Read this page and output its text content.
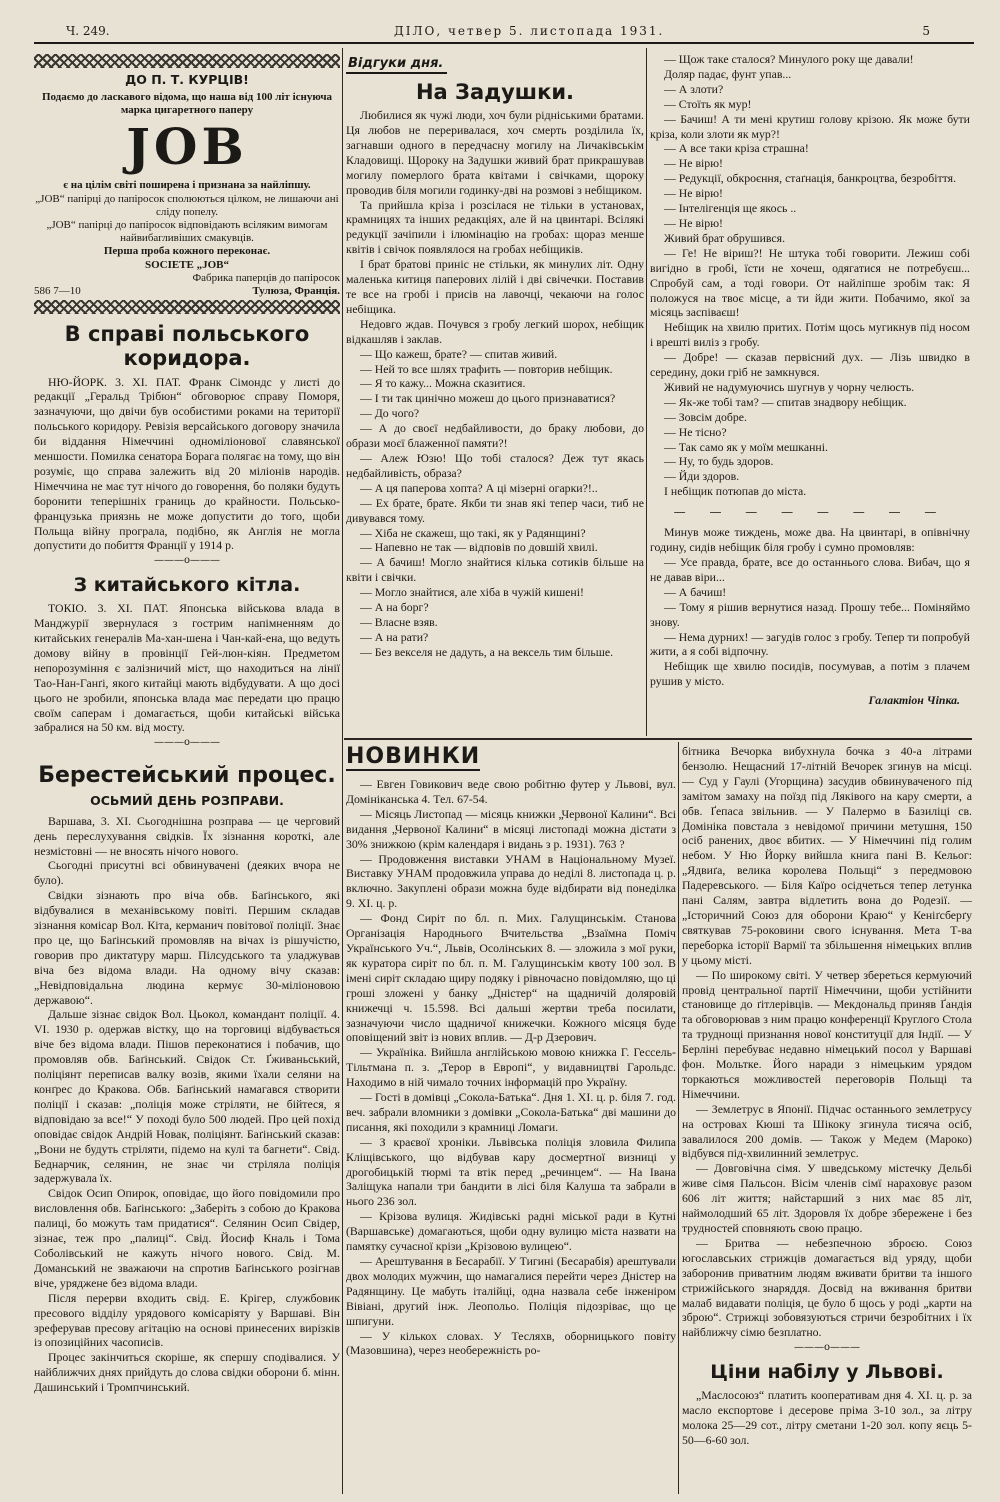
Ч. 249.	ДІЛО, четвер 5. листопада 1931.	5
ДО П. Т. КУРЦІВ!

Подаємо до ласкавого відома, що наша від 100 літ існуюча марка цигаретного паперу

JOB

є на цілім світі поширена і признана за найліпшу.

„JOB“ папірці до папіросок сполюються цілком, не лишаючи ані сліду попелу.

„JOB“ папірці до папіросок відповідають всіляким вимогам найвибагливіших смакувців.

Перша проба кожного переконає.

SOCIETE „JOB“

Фабрика паперців до папіросок

586 7—10	Тулюза, Франція.
В справі польського коридора.

НЮ-ЙОРК. 3. XI. ПАТ. Франк Сімондс у листі до редакції „Геральд Трібюн“ обговорює справу Поморя, зазначуючи, що двічи був особистими роками на території польського коридору. Ревізія версайського договору значила би віддання Німеччині одноміліонової славянської меншости. Помилка сенатора Борага полягає на тому, що він розуміє, що справа залежить від 20 міліонів народів. Німеччина не має тут нічого до говорення, бо поляки будуть боронити теперішніх границь до крайности. Польсько-французька приязнь не може допустити до того, щоби Польща війну програла, подібно, як Англія не могла допустити до побиття Франції у 1914 р.

———o———
З китайського кітла.

ТОКІО. 3. XI. ПАТ. Японська військова влада в Манджурії звернулася з гострим напімненням до китайських генералів Ма-хан-шена і Чан-кай-ена, що ведуть домову війну в провінції Гей-люн-кіян. Предметом непорозуміння є залізничий міст, що находиться на лінії Тао-Нан-Ганґі, якого китайці мають відбудувати. А що досі цього не зробили, японська влада має передати цю працю своїм саперам і домагається, щоби китайські війська забралися на 50 км. від мосту.

———o———
Берестейський процес.
ОСЬМИЙ ДЕНЬ РОЗПРАВИ.

Варшава, 3. XI. Сьогоднішна розправа — це черговий день переслухування свідків. Їх зізнання короткі, але незмістовні — не вносять нічого нового.

Сьогодні присутні всі обвинувачені (деяких вчора не було).

Свідки зізнають про віча обв. Баґінського, які відбувалися в механівському повіті. Першим складав зізнання комісар Вол. Кіта, керманич повітової поліції. Знає про це, що Баґінський промовляв на вічах із рішучістю, говорив про диктатуру марш. Пілсудського та уладжував віча без відома влади. На одному вічу сказав: „Невідповідальна людина кермує 30-міліоновою державою“.

Дальше зізнає свідок Вол. Цьокол, командант поліції. 4. VI. 1930 р. одержав вістку, що на торговиці відбувається віче без відома влади. Пішов переконатися і побачив, що промовляв обв. Баґінський. Свідок Ст. Ґживаньський, поліціянт переписав валку возів, якими їхали селяни на конґрес до Кракова. Обв. Баґінський намагався створити поліції і сказав: „поліція може стріляти, не бійтеся, я відповідаю за все!“ У поході було 500 людей. Про цей похід оповідає свідок Андрій Новак, поліціянт. Баґінський сказав: „Вони не будуть стріляти, підемо на кулі та багнети“. Свід. Беднарчик, селянин, не знає чи стріляла поліція задержувала їх.

Свідок Осип Опирок, оповідає, що його повідомили про висловлення обв. Баґінського: „Заберіть з собою до Кракова палиці, бо можуть там придатися“. Селянин Осип Свідер, зізнає, теж про „палиці“. Свід. Йосиф Кналь і Тома Соболівський не кажуть нічого нового. Свід. М. Доманський не зважаючи на спротив Баґінського розігнав віче, уряджене без відома влади.

Після перерви входить свід. Е. Крігер, службовик пресового відділу урядового комісаріяту у Варшаві. Він зреферував пресову агітацію на основі принесених вирізків із опозиційних часописів.

Процес закінчиться скоріше, як спершу сподівалися. У найближчих днях прийдуть до слова свідки оборони б. мінн. Дашинський і Тромпчинський.

Відгуки дня.
На Задушки.

Любилися як чужі люди, хоч були рідніськими братами. Ця любов не переривалася, хоч смерть розділила їх, загнавши одного в передчасну могилу на Личаківськім Кладовищі. Щороку на Задушки живий брат прикрашував могилу померлого брата квітами і свічками, щороку проводив біля могили годинку-дві на розмові з небіщиком.

Та прийшла кріза і розсілася не тільки в установах, крамницях та інших редакціях, але й на цвинтарі. Всілякі редукції зачіпили і ілюмінацію на гробах: щораз менше квітів і свічок появлялося на гробах небіщиків.

І брат братові приніс не стільки, як минулих літ. Одну маленька китиця паперових лілій і дві свічечки. Поставив те все на гробі і присів на лавочці, чекаючи на голос небіщика.

Недовго ждав. Почувся з гробу легкий шорох, небіщик відкашляв і заклав.

— Що кажеш, брате? — спитав живий.

— Ней то все шлях трафить — повторив небіщик.

— Я то кажу... Можна сказитися.

— І ти так цинічно можеш до цього признаватися?

— До чого?

— А до своєї недбайливости, до браку любови, до образи моєї блаженної памяти?!

— Алеж Юзю! Що тобі сталося? Деж тут якась недбайливість, образа?

— А ця паперова хопта? А ці мізерні огарки?!..

— Ех брате, брате. Якби ти знав які тепер часи, тиб не дивувався тому.

— Хіба не скажеш, що такі, як у Радянщині?

— Напевно не так — відповів по довшій хвилі.

— А бачиш! Могло знайтися кілька сотиків більше на квіти і свічки.

— Могло знайтися, але хіба в чужій кишені!

— А на борг?

— Власне взяв.

— А на рати?

— Без векселя не дадуть, а на вексель тим більше.

— Щож таке сталося? Минулого року ще давали!

Доляр падає, фунт упав...

— А злоти?

— Стоїть як мур!

— Бачиш! А ти мені крутиш голову крізою. Як може бути кріза, коли злоти як мур?!

— А все таки кріза страшна!

— Не вірю!

— Редукції, обкроєння, стаґнація, банкроцтва, безробіття.

— Не вірю!

— Інтелігенція ще якось ..

— Не вірю!

Живий брат обрушився.

— Ге! Не віриш?! Не штука тобі говорити. Лежиш собі вигідно в гробі, їсти не хочеш, одягатися не потребуєш... Спробуй сам, а тоді говори. От найліпше зробім так: Я положуся на твоє місце, а ти йди жити. Побачимо, якої за місяць заспіваєш!

Небіщик на хвилю притих. Потім щось мугикнув під носом і врешті виліз з гробу.

— Добре! — сказав первісний дух. — Лізь швидко в середину, доки гріб не замкнувся.

Живий не надумуючись шугнув у чорну челюсть.

— Як-же тобі там? — спитав знадвору небіщик.

— Зовсім добре.

— Не тісно?

— Так само як у моїм мешканні.

— Ну, то будь здоров.

— Йди здоров.

І небіщик потюпав до міста.

— — — — — — — —

Минув може тиждень, може два. На цвинтарі, в опівнічну годину, сидів небіщик біля гробу і сумно промовляв:

— Усе правда, брате, все до останнього слова. Вибач, що я не давав віри...

— А бачиш!

— Тому я рішив вернутися назад. Прошу тебе... Поміняймо знову.

— Нема дурних! — загудів голос з гробу. Тепер ти попробуй жити, а я собі відпочну.

Небіщик ще хвилю посидів, посумував, а потім з плачем рушив у місто.

Галактіон Чіпка.
НОВИНКИ

— Евген Говикович веде свою робітню футер у Львові, вул. Домініканська 4. Тел. 67-54.

— Місяць Листопад — місяць книжки „Червоної Калини“. Всі видання „Червоної Калини“ в місяці листопаді можна дістати з 30% знижкою (крім календаря і видань з р. 1931). 763 ?

— Продовження виставки УНАМ в Національному Музеї. Виставку УНАМ продовжила управа до неділі 8. листопада ц. р. включно. Закуплені образи можна буде відбирати від понеділка 9. XI. ц. р.

— Фонд Сиріт по бл. п. Мих. Галущинськім. Станова Організація Народнього Вчительства „Взаїмна Поміч Українського Уч.“, Львів, Осолінських 8. — зложила з мої руки, як куратора сиріт по бл. п. М. Галущинськім квоту 100 зол. В імені сиріт складаю щиру подяку і рівночасно повідомляю, що ці гроші зложені у банку „Дністер“ на щадничій доляровій книжечці ч. 15.598. Всі дальші жертви треба посилати, зазначуючи число щадничої книжечки. Кожного місяця буде оповіщений звіт із нових вплив. — Д-р Дзерович.

— Україніка. Вийшла англійською мовою книжка Г. Гессель-Тільтмана п. з. „Терор в Европі“, у видавництві Гарольдс. Находимо в ній чимало точних інформацій про Україну.

— Гості в домівці „Сокола-Батька“. Дня 1. XI. ц. р. біля 7. год. веч. забрали вломники з домівки „Сокола-Батька“ дві машини до писання, які походили з крамниці Ломаги.

— З краєвої хроніки. Львівська поліція зловила Филипа Кліщівського, що відбував кару досмертної визниці у дрогобицькій тюрмі та втік перед „речинцем“. — На Івана Заліщука напали три бандити в лісі біля Калуша та забрали в нього 236 зол.

— Крізова вулиця. Жидівські радні міської ради в Кутні (Варшавське) домагаються, щоби одну вулицю міста назвати на памятку сучасної крізи „Крізовою вулицею“.

— Арештування в Бесарабії. У Тигині (Бесарабія) арештували двох молодих мужчин, що намагалися перейти через Дністер на Радянщину. Це мабуть італійці, одна назвала себе інженіром Вівіані, другий інж. Леопольо. Поліція підозріває, що це шпигуни.

— У кількох словах. У Тесляхв, оборницького повіту (Мазовшина), через необережність ро-

бітника Вечорка вибухнула бочка з 40-а літрами бензолю. Нещасний 17-літній Вечорек згинув на місці. — Суд у Гаулі (Угорщина) засудив обвинуваченого під замітом замаху на поїзд під Ляківого на кару смерти, а обв. Ґепаса звільнив. — У Палермо в Базиліці св. Домініка повстала з невідомої причини метушня, 150 осіб ранених, двоє вбитих. — У Німеччині під голим небом. У Ню Йорку вийшла книга пані В. Кельог: „Ядвиґа, велика королева Польщі“ з передмовою Падеревського. — Біля Каїро осідчеться тепер летунка пані Салям, завтра відлетить вона до Родезії. — „Історичний Союз для оборони Краю“ у Кеніґсберґу святкував 75-роковини свого існування. Мета Т-ва переборка історії Вармії та збільшення німецьких вплив у цьому місті.

— По широкому світі. У четвер збереться кермуючий провід центральної партії Німеччини, щоби устійнити становище до ґітлерівців. — Мекдональд приняв Ґандія та обговорював з ним працю конференції Круглого Стола та труднощі признання нової конституції для Індії. — У Берліні перебуває недавно німецький посол у Варшаві фон. Мольтке. Його наради з німецьким урядом торкаються можливостей переговорів Польщі та Німеччини.

— Землетрус в Японії. Підчас останнього землетрусу на островах Кюші та Шікоку згинула тисяча осіб, завалилося 200 домів. — Також у Медем (Мароко) відбувся під-хвилинний землетрус.

— Довговічна сімя. У шведському містечку Дельбі живе сімя Пальсон. Вісім членів сімї нараховує разом 606 літ життя; найстарший з них має 85 літ, наймолодший 65 літ. Здоровля їх добре збережене і без трудностей сповняють свою працю.

— Бритва — небезпечною зброєю. Союз югославських стрижців домагається від уряду, щоби заборонив приватним людям вживати бритви та іншого стрижійського знаряддя. Досвід на вживання бритви малаб видавати поліція, це було б щось у роді „карти на зброю“. Стрижці зобовязуються стричи безробітних і їх найближчу сімю безплатно.

———o———
Ціни набілу у Львові.

„Маслосоюз“ платить кооперативам дня 4. XI. ц. р. за масло експортове і десерове пріма 3-10 зол., за літру молока 25—29 сот., літру сметани 1-20 зол. копу яєць 5-50—6-60 зол.
